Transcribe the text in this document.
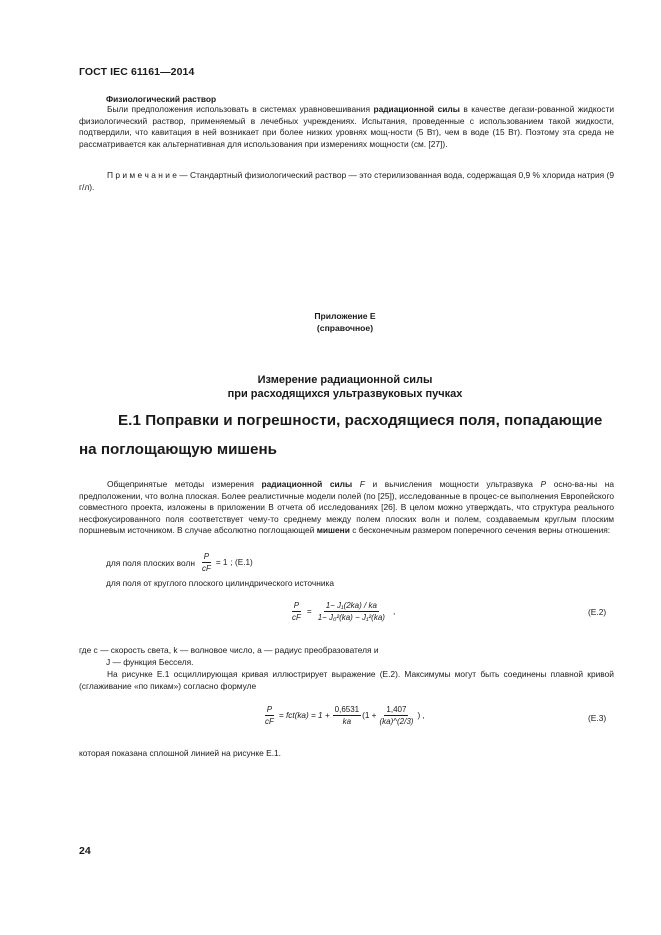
ГОСТ IEC 61161—2014
Физиологический раствор
Были предположения использовать в системах уравновешивания радиационной силы в качестве дегази-рованной жидкости физиологический раствор, применяемый в лечебных учреждениях. Испытания, проведенные с использованием такой жидкости, подтвердили, что кавитация в ней возникает при более низких уровнях мощ-ности (5 Вт), чем в воде (15 Вт). Поэтому эта среда не рассматривается как альтернативная для использования при измерениях мощности (см. [27]).
П р и м е ч а н и е — Стандартный физиологический раствор — это стерилизованная вода, содержащая 0,9 % хлорида натрия (9 г/л).
Приложение Е
(справочное)
Измерение радиационной силы
при расходящихся ультразвуковых пучках
Е.1 Поправки и погрешности, расходящиеся поля, попадающие
на поглощающую мишень
Общепринятые методы измерения радиационной силы F и вычисления мощности ультразвука P осно-ва-ны на предположении, что волна плоская. Более реалистичные модели полей (по [25]), исследованные в процес-се выполнения Европейского совместного проекта, изложены в приложении В отчета об исследованиях [26]. В целом можно утверждать, что структура реального несфокусированного поля соответствует чему-то среднему между полем плоских волн и полем, создаваемым круглым плоским поршневым источником. В случае абсолютно поглощающей мишени с бесконечным размером поперечного сечения верны отношения:
для поля плоских волн $\frac{P}{cF} = 1$ ; (Е.1)
для поля от круглого плоского цилиндрического источника
$\frac{P}{cF} = \frac{\text{1− J₁(2ka) / ka}}{\text{1− J₀²(ka) − J₁²(ka)}}$ ,	(Е.2)
где c — скорость света, k — волновое число, a — радиус преобразователя и
J — функция Бесселя.
На рисунке Е.1 осциллирующая кривая иллюстрирует выражение (Е.2). Максимумы могут быть соединены плавной кривой (сглаживание «по пикам») согласно формуле
$\frac{P}{cF} = fct(ka) = 1 + \frac{0,6531}{ka} (1 + \frac{1,407}{(ka)\^{}(2/3)}$ ) ,	(Е.3)
которая показана сплошной линией на рисунке Е.1.
24
